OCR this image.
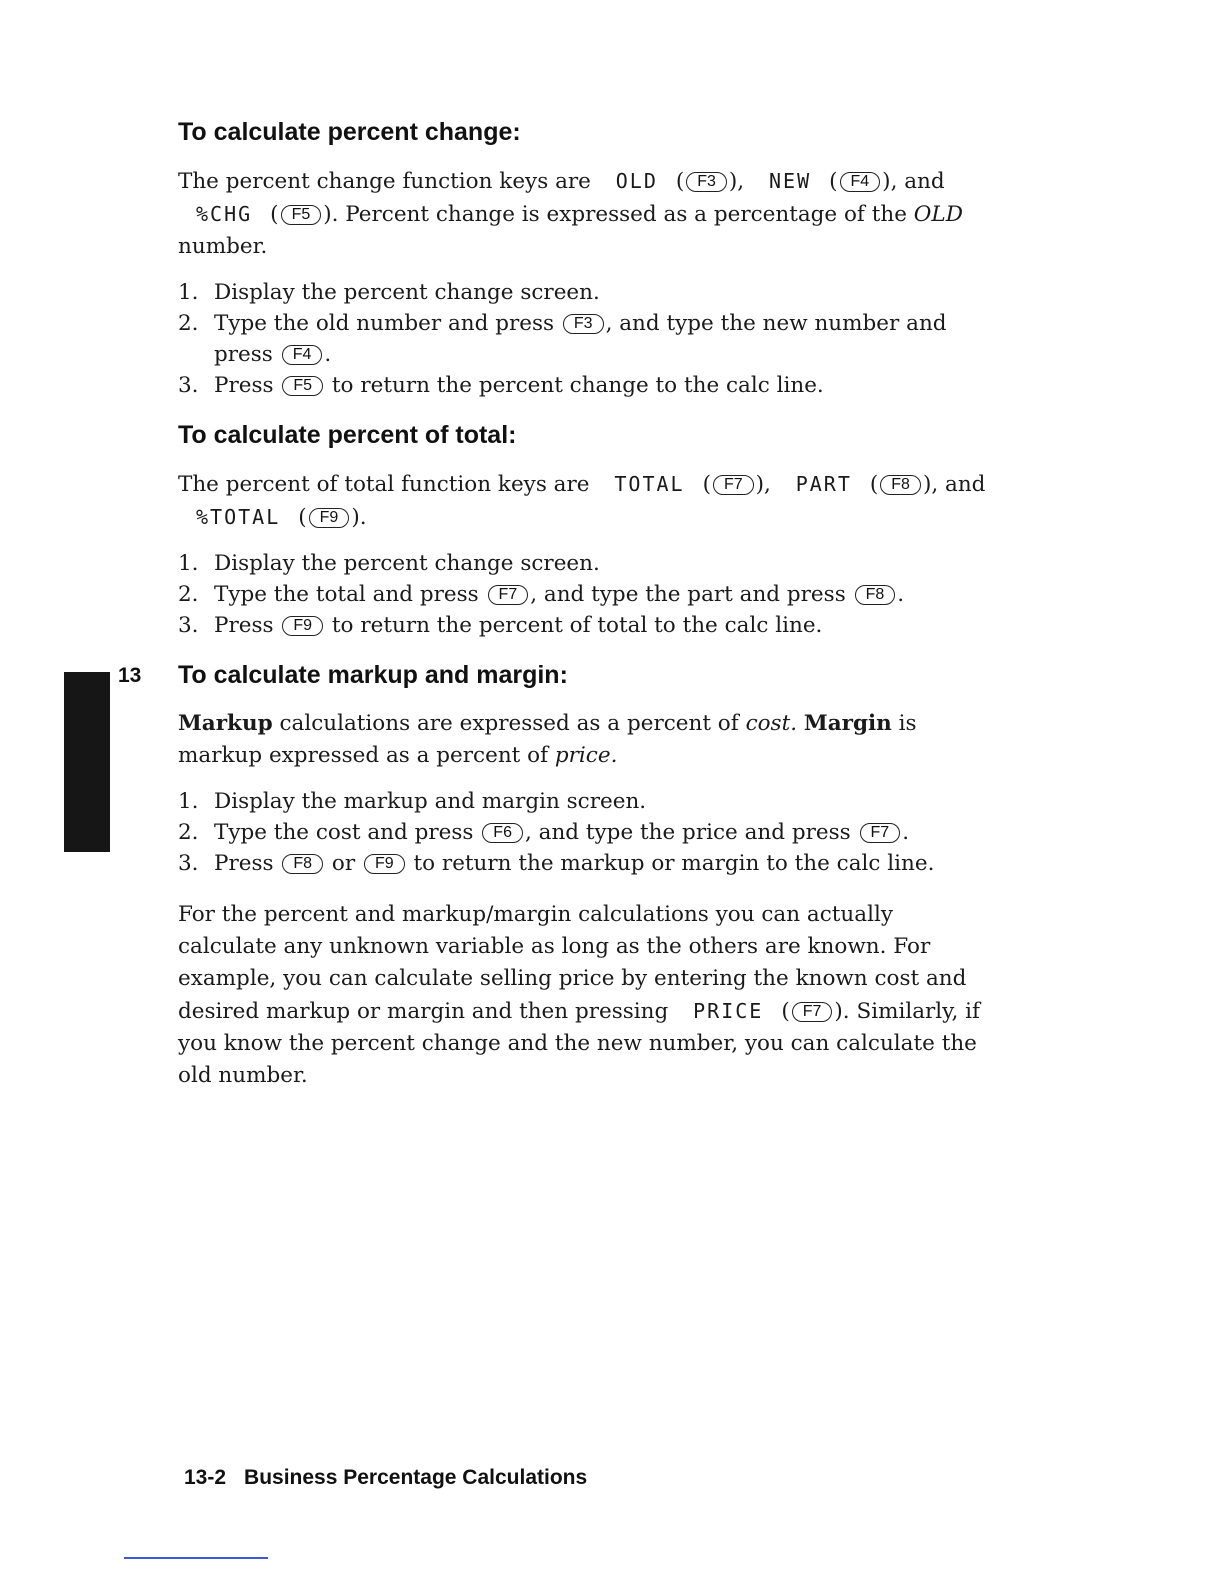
13
To calculate percent change:

The percent change function keys are OLD ( F3 ), NEW ( F4 ), and %CHG ( F5 ). Percent change is expressed as a percentage of the OLD number.

1. Display the percent change screen.
2. Type the old number and press F3 , and type the new number and press F4 .
3. Press F5 to return the percent change to the calc line.
To calculate percent of total:

The percent of total function keys are TOTAL ( F7 ), PART ( F8 ), and %TOTAL ( F9 ).

1. Display the percent change screen.
2. Type the total and press F7 , and type the part and press F8 .
3. Press F9 to return the percent of total to the calc line.
To calculate markup and margin:

Markup calculations are expressed as a percent of cost. Margin is markup expressed as a percent of price.

1. Display the markup and margin screen.
2. Type the cost and press F6 , and type the price and press F7 .
3. Press F8 or F9 to return the markup or margin to the calc line.

For the percent and markup/margin calculations you can actually calculate any unknown variable as long as the others are known. For example, you can calculate selling price by entering the known cost and desired markup or margin and then pressing PRICE ( F7 ). Similarly, if you know the percent change and the new number, you can calculate the old number.

13-2 Business Percentage Calculations
